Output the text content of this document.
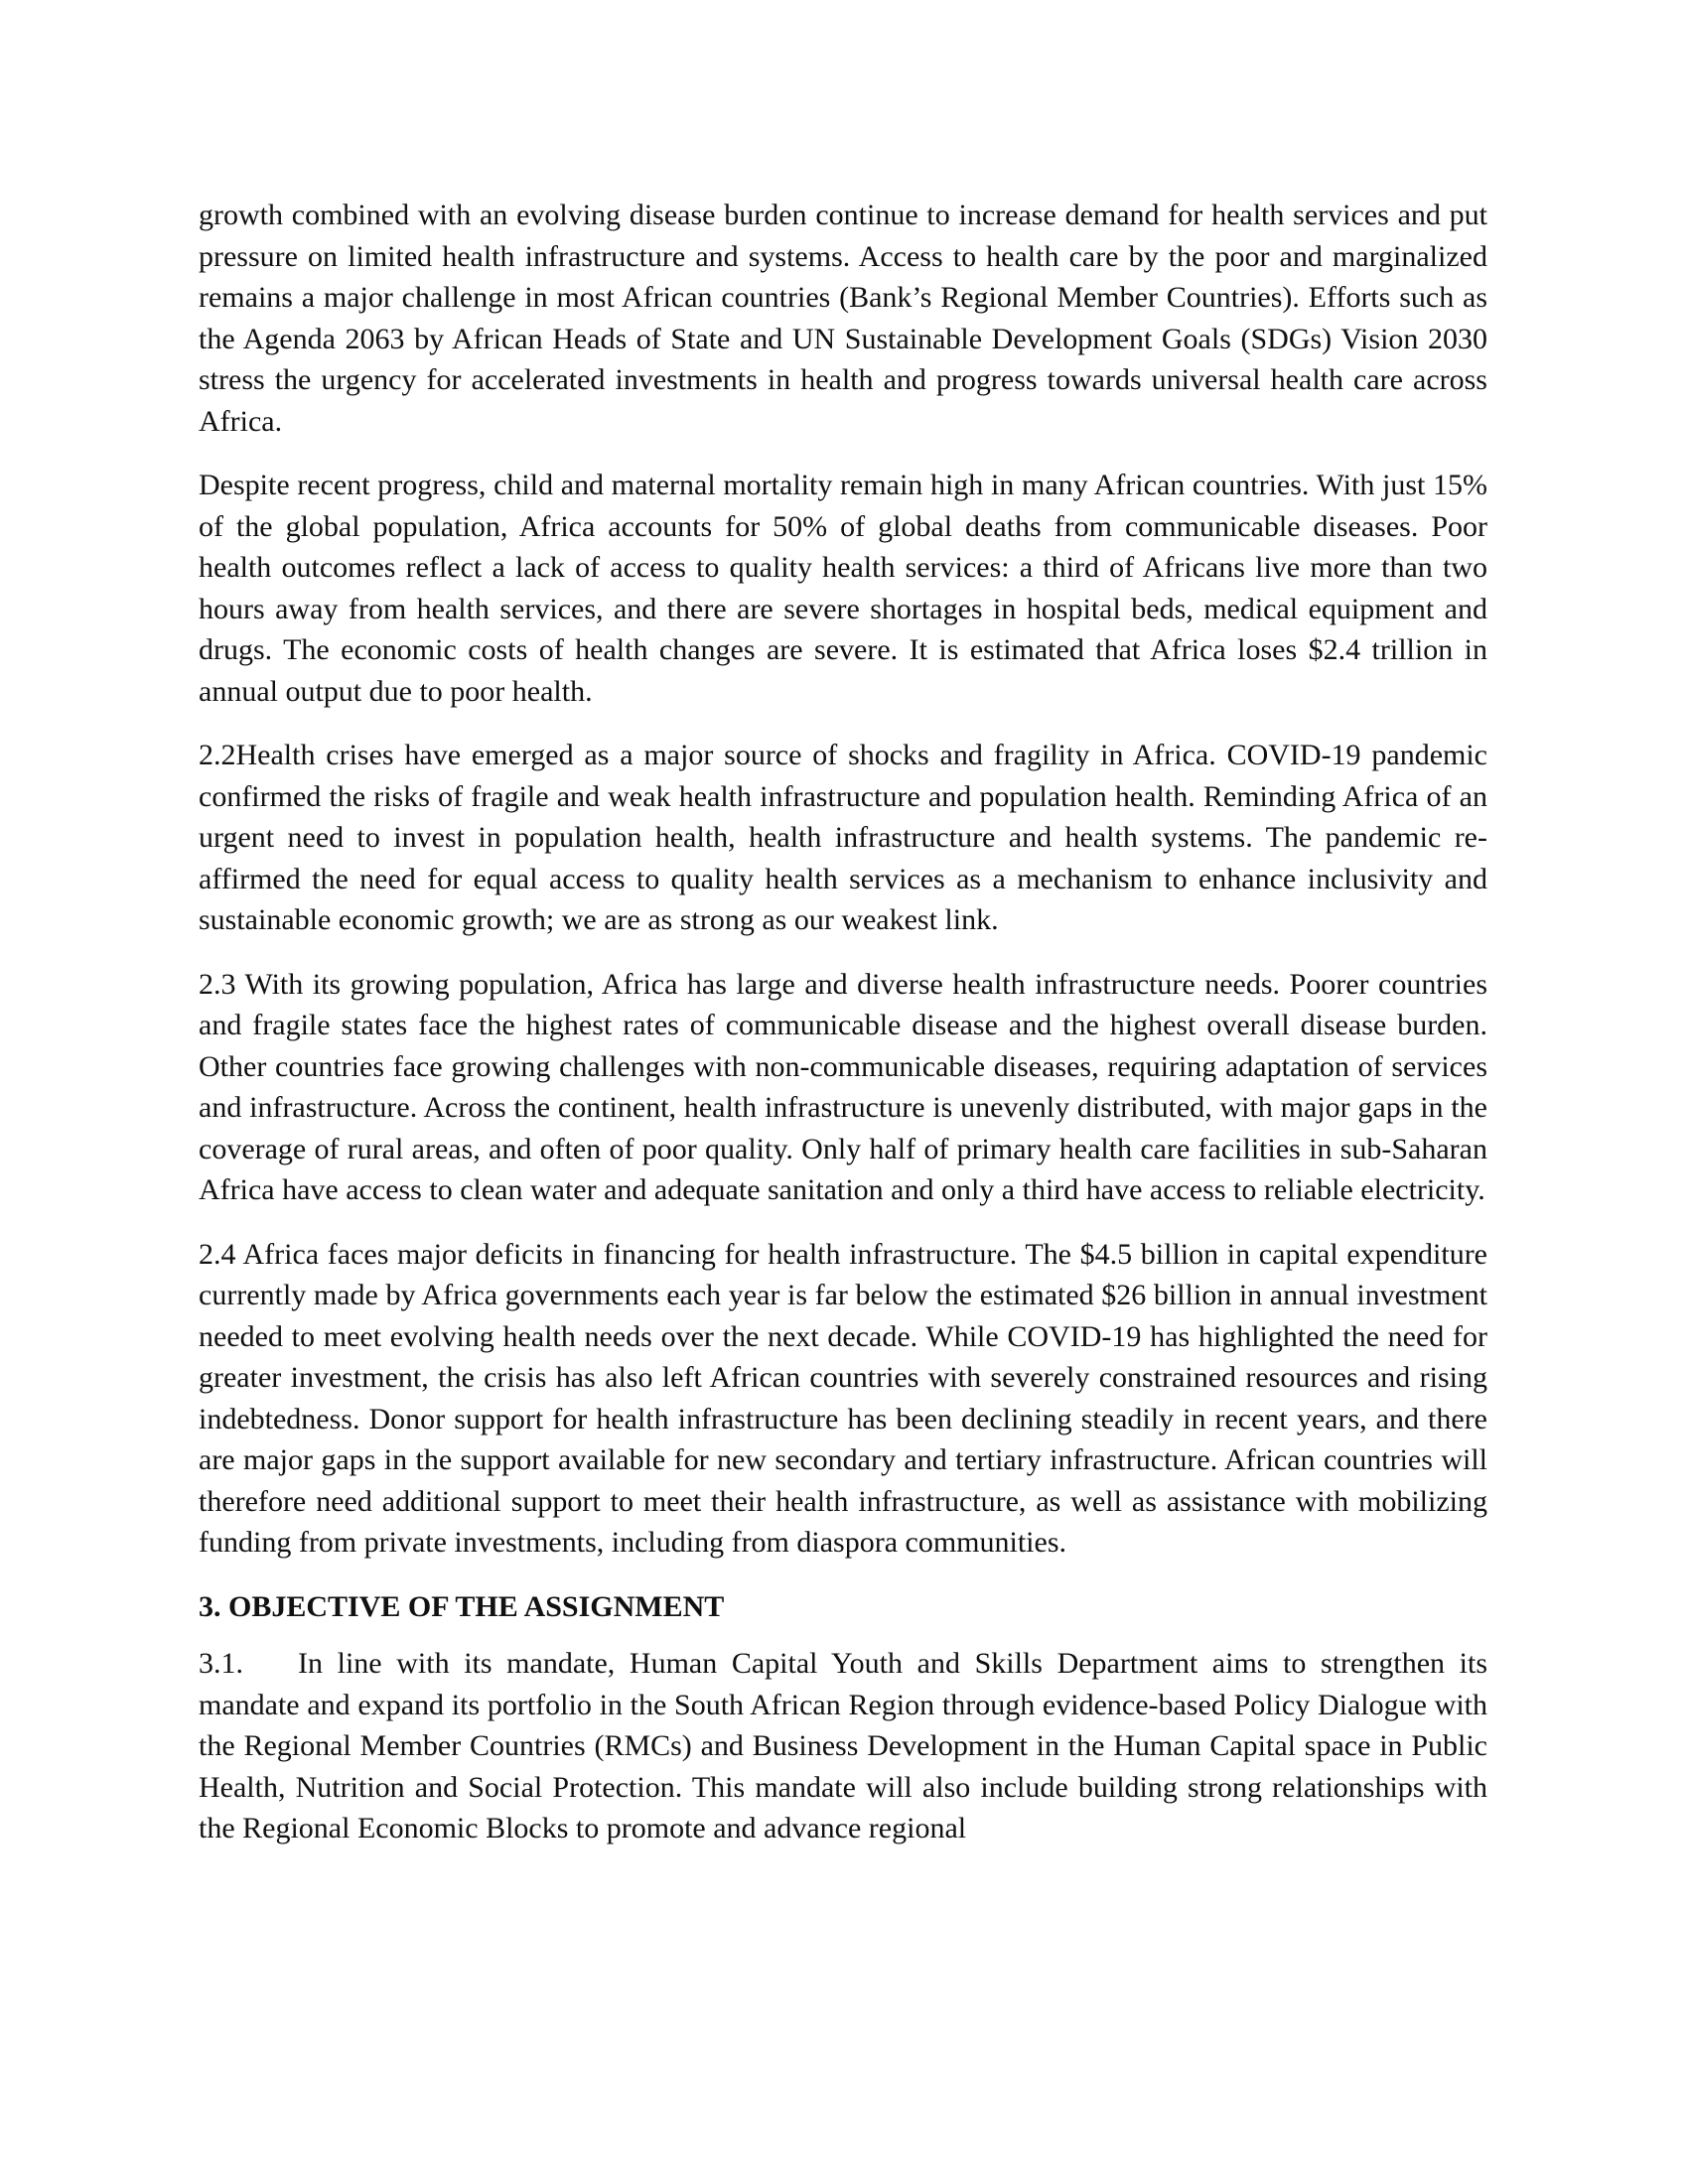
growth combined with an evolving disease burden continue to increase demand for health services and put pressure on limited health infrastructure and systems. Access to health care by the poor and marginalized remains a major challenge in most African countries (Bank’s Regional Member Countries). Efforts such as the Agenda 2063 by African Heads of State and UN Sustainable Development Goals (SDGs) Vision 2030 stress the urgency for accelerated investments in health and progress towards universal health care across Africa.

Despite recent progress, child and maternal mortality remain high in many African countries. With just 15% of the global population, Africa accounts for 50% of global deaths from communicable diseases. Poor health outcomes reflect a lack of access to quality health services: a third of Africans live more than two hours away from health services, and there are severe shortages in hospital beds, medical equipment and drugs. The economic costs of health changes are severe. It is estimated that Africa loses $2.4 trillion in annual output due to poor health.

2.2Health crises have emerged as a major source of shocks and fragility in Africa. COVID-19 pandemic confirmed the risks of fragile and weak health infrastructure and population health. Reminding Africa of an urgent need to invest in population health, health infrastructure and health systems. The pandemic re-affirmed the need for equal access to quality health services as a mechanism to enhance inclusivity and sustainable economic growth; we are as strong as our weakest link.

2.3 With its growing population, Africa has large and diverse health infrastructure needs. Poorer countries and fragile states face the highest rates of communicable disease and the highest overall disease burden. Other countries face growing challenges with non-communicable diseases, requiring adaptation of services and infrastructure. Across the continent, health infrastructure is unevenly distributed, with major gaps in the coverage of rural areas, and often of poor quality. Only half of primary health care facilities in sub-Saharan Africa have access to clean water and adequate sanitation and only a third have access to reliable electricity.

2.4 Africa faces major deficits in financing for health infrastructure. The $4.5 billion in capital expenditure currently made by Africa governments each year is far below the estimated $26 billion in annual investment needed to meet evolving health needs over the next decade. While COVID-19 has highlighted the need for greater investment, the crisis has also left African countries with severely constrained resources and rising indebtedness. Donor support for health infrastructure has been declining steadily in recent years, and there are major gaps in the support available for new secondary and tertiary infrastructure. African countries will therefore need additional support to meet their health infrastructure, as well as assistance with mobilizing funding from private investments, including from diaspora communities.

3. OBJECTIVE OF THE ASSIGNMENT

3.1. In line with its mandate, Human Capital Youth and Skills Department aims to strengthen its mandate and expand its portfolio in the South African Region through evidence-based Policy Dialogue with the Regional Member Countries (RMCs) and Business Development in the Human Capital space in Public Health, Nutrition and Social Protection. This mandate will also include building strong relationships with the Regional Economic Blocks to promote and advance regional
